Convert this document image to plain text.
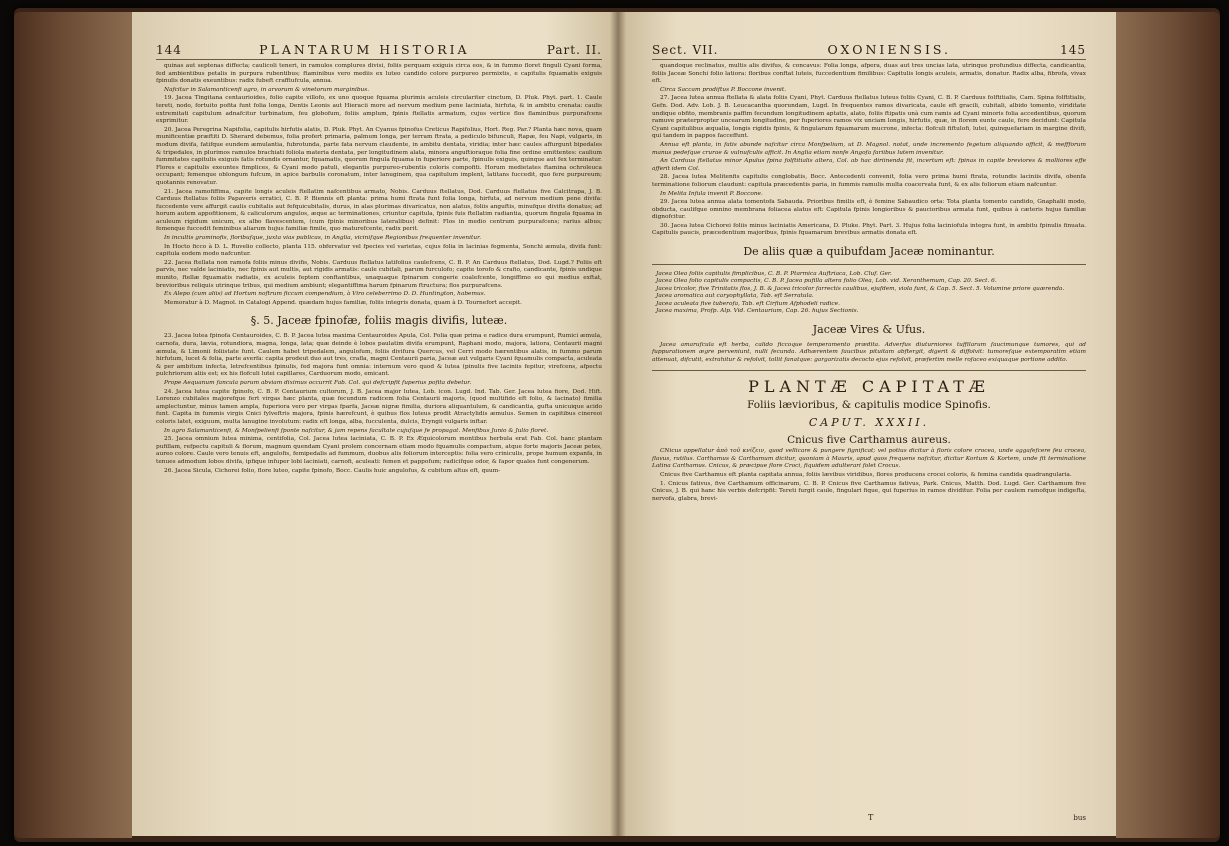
144	PLANTARUM HISTORIA	Part. II.

quinas aut septenas diffecta; caulicoli teneri, in ramulos complures divisi, foliis perquam exiguis circa eos, & in fummo floret finguli Cyani forma, fed ambientibus petalis in purpura rubentibus; ftaminibus vero mediis ex luteo candido colore purpureo permixtis, e capitulis fquamatis exiguis fpinulis donatis exeuntibus: radix fubeft craffiufcula, annua.

Nafcitur in Salamanticenfi agro, in arvorum & vinetorum marginibus.

19. Jacea Tingitana centaurioides, folio capite villofo, ex uno quoque fquama plurimis aculeis circulariter cinctum, D. Pluk. Phyt. part. 1. Caule tereti, nodo, fortuito pofita funt folia longa, Dentis Leonis aut Hieracii more ad nervum medium pene laciniata, hirfuta, & in ambitu crenata: caulis extremitati capitulum adnafcitur turbinatum, feu globofum, foliis amplum, fpinis ftellatis armatum, cujus vertice flos flaminibus purpurafcens exprimitur.

20. Jacea Peregrina Napifolia, capitulis hirfutis alatis, D. Pluk. Phyt. An Cyanus fpinofus Creticus Rapifolius, Hort. Reg. Par.? Planta hæc nova, quam munificentiæ præftiti D. Sherard debemus, folia profert primaria, palmum longa, per terram ftrata, a pediculo bifunculi, Rapæ, feu Napi, vulgaris, in modum divifa, fatifque eundem æmulantia, fubrotunda, parte fata nervum claudente, in ambitu dentata, viridia; inter hæc caules affurgunt bipedales & tripedales, in plurimos ramulos brachiati foliola materia dentata, per longitudinem alata, minora anguftioraque folia fine ordine emittentes: caulium fummitates capitulis exiguis fatis rotundis ornantur, fquamatis, quorum fingula fquama in fuperiore parte, fpinulis exiguis, quinque aut fex terminatur. Flores e capitulis exeuntes fimplices, & Cyani modo patuli, elegantis purpureo-rubentis coloris compofiti. Horum medietates ftamina ochroleuca occupant; femenque oblongum fufcum, in apice barbulis coronatum, inter lanuginem, qua capitulum implent, latitans fuccedit, quo fere purpureum; quotannis renovatur.

21. Jacea ramofiffima, capite longis aculeis ftellatim nafcentibus armato, Nobis. Carduus ftellatus, Dod. Carduus ftellatus five Calcitrapa, J. B. Carduus ftellatus foliis Papaveris erratici, C. B. P. Biennis eft planta: prima humi ftrata funt folia longa, hirfuta, ad nervum medium pene divifa: fuccedente vere affurgit caulis cubitalis aut fefquicubitalis, durus, in alas plurimas divaricatus, non alatus, foliis anguftis, minufque divifis donatus; ad horum autem appofitionem, & caliculorum angulos, æque ac terminationes, criuntur capitula, fpinis fuis ftellatim radiantia, quorum fingula fquama in aculeum rigidum unicum, ex albo flavescentem, (cum fpinis minoribus lateralibus) definit: Flos in medio centrum purpurafcens; rarius albus; femenque fuccedit feminibus aliarum hujus familiæ fimile, quo maturefcente, radix perit.

In incultis graminofis, floribufque, juxta vias publicas, in Anglia, vicinifque Regionibus frequenter invenitur.

In Hocto ficco à D. L. Ruvelio collecto, planta 115. obfervatur vel fpecies vel varietas, cujus folia in lacinias fegmenta, Sonchi æmula, divifa funt: capitula eodem modo nafcuntur.

22. Jacea ftellata non ramofa foliis minus divifis, Nobis. Carduus ftellatus latifolius caulefcens, C. B. P. An Carduus ftellatus, Dod. Lugd.? Foliis eft parvis, nec valde laciniatis, nec fpinis aut multis, aut rigidis armatis: caule cubitali, parum furculofo; capite torofo & crafio, candicante, fpinis undique munito, ftellæ fquamatis radiatis, ex aculeis feptem conftantibus, unaquaque fpinarum congerie coalefcente, longiffimo eo qui medius exftat, brevioribus reliquis utrinque tribus, qui medium ambiunt; elegantiffima harum fpinarum ftructura; flos purpurafcens.

Ex Alepo (cum aliis) ad Hortum noftrum ficcum compendium, à Viro celeberrimo D. D. Huntington, habemus.

Memoratur à D. Magnol. in Catalogi Append. quædam hujus familiæ, foliis integris donata, quam à D. Tournefort accepit.

§. 5. Jaceæ fpinofæ, foliis magis divifis, luteæ.

23. Jacea lutea fpinofa Centauroides, C. B. P. Jacea lutea maxima Centauroides Apula, Col. Folia quæ prima e radice dura erumpunt, Rumici æmula, carnofa, dura, lævia, rotundiora, magna, longa, lata; quæ deinde è lobos paulatim divifa erumpunt, Raphani modo, majora, latiora, Centaurii magni æmula, & Limonii foliistate funt. Caulem habet tripedalem, angulofum, foliis divifura Quercus, vel Cerri modo hærentibus alatis, in fummo parum hirfutum, lucet & folia, parte averfa: capita prodeut duo aut tres, crafla, magni Centaurii paria, Jaceæ aut vulgaris Cyani fquamulis compacta, aculeata & per ambitum infecta, letrefcentibus fpinulis, fed majora funt omnia: internum vero quod & lutea (pinulis five laciniis fepitur, virefcens, afpectu pulchriorum aliis est; ex his flofculi lutei capillares, Carduorum modo, emicant.

Prope Aequanum fancula parum abviam diximus occurrit Fab. Col. qui defcripfit fuperius pofita debetur.

24. Jacea lutea capite fpinofo, C. B. P. Centaurium cultorum, J. B. Jacea major lutea, Lob. icon. Lugd. Ind. Tab. Ger. Jacea lutea fiore, Dod. Hift. Lorenzo cubitales majorefque fert virgas hæc planta, quæ fecundum radicem folia Centaurii majoris, (quod multifido eft folio, & lacinato) fimilia amplectuntur, minus tamen ampla, fuperiora vero per virgas fparfa, Jaceæ nigræ fimilia, duriora aliquantulum, & candicantia, gufta unicuique acido funt. Capita in fummis virgis Cnici fylveftris majora, fpinis hærefcunt, è quibus flos luteus prodit Atractylidis æmulus. Semen in capitibus cinereoi coloris latet, exiguum, multa lanugine involutum: radix eft longa, alba, fucculenta, dulcis, Eryngii vulgaris inftar.

In agro Salamanticenfi, & Monfpelienfi fponte nafcitur, & jam repens facultate cujufque fe propagat. Menfibus Junio & Julio floret.

25. Jacea omnium lutea minima, centifolia, Col. Jacea lutea laciniata, C. B. P. Ex Æquicolorum montibus herbula erat Fab. Col. hanc plantam pufillam, refpectu capituli & florum, magnum quendam Cyani prolem concernam etiam modo fquamulis compactum, atque forte majoris Jaceæ petes, aureo colore. Caule vero tenuis eft, angulofis, femipedalis ad fummum, duobus alis foliorum interceptis: folia vero criniculis, prope humum expanfa, in tenues admodum lobos divifa, ipfique infuper lobi laciniati, carnofi, aculeati: femen et pappofum; radicifque odor, & fapor quales funt congenerum.

26. Jacea Sicula, Cichorei folio, flore luteo, capite fpinofo, Bocc. Caulis huic angulofus, & cubitum altus eft, quum-

Sect. VII.	OXONIENSIS.	145

quandoque reclinatus, multis alis divifus, & concavus: Folia longa, afpera, duas aut tres uncias lata, utrinque profundius diffecta, candicantia, foliis Jaceæ Sonchi folio latiora: floribus conftat luteis, fuccedentium fimilibus: Capitulis longis aculeis, armatis, donatur. Radix alba, fibrofa, vivax eft.

Circa Saccam prodiftus P. Boccone invenit.

27. Jacea lutea annua ftellata & alata foliis Cyani, Phyt. Carduus ftellatus luteus foliis Cyani, C. B. P. Carduus folftitialis, Cam. Spina folftitialis, Gefn. Dod. Adv. Lob. J. B. Leucacantha quorundam, Lugd. In frequentes ramos divaricata, caule eft gracili, cubitali, albido tomento, viriditate undique obfito, membranis paffim fecundum longitudinem aptatis, alato, foliis ftipatis unà cum ramis ad Cyani minoris folia accedentibus, quorum ramuve præterpropter uncearum longitudine, per fuperiores ramos vix unciam longis, hirfutis, quæ, in florem eunte caule, fere decidunt: Capitula Cyani capitulibus æqualia, longis rigidis fpinis, & fingularum fquamarum mucrone, infecta: flofculi fiftulofi, lutei, quinquefariam in margine divifi, qui tandem in pappos facceffunt.

Annua eft planta, in fatis abunde nafcitur circa Monfpelium, ut D. Magnol. notat, unde incremento fegetum aliquando officit, & meffforum manus pedefque crurae & vulnufculis afficit. In Anglia etiam nonfe Angofa fariibus lutem invenitur.

An Carduus ftellatus minor Apulus fpina folftitialis altera, Col. ab hac diriinenda fit, incertum eft: fpinas in capite breviores & molliores effe afferit idem Col.

28. Jacea lutea Melitenfis capitulis conglobatis, Bocc. Antecedenti convenit, folia vero prima humi ftrata, rotundis laciniis divifa, obenfa terminatione foliorum claudunt: capitula præcedentis paria, in fummis ramulis multa coacervata funt, & ex alis foliorum etiam nafcuntur.

In Melita Infula invenit P. Boccone.

29. Jacea lutea annua alata tomentofa Sabauda. Prioribus fimilis eft, è femine Sabaudico orta: Tota planta tomento candido, Gnaphalii modo, obducta, caulifque omnino membrana foliacea alatus eft: Capitula fpinis longioribus & paucioribus armata funt, quibus à cæteris hujus familiæ dignofcitur.

30. Jacea lutea Cichorei foliis minus laciniatis Americana, D. Pluke. Phyt. Part. 3. Hujus folia laciniofula integra funt, in ambitu fpinulis finuata. Capitulis paucis, præcedentium majoribus, fpinis fquamarum brevibus armatis donata eft.

De aliis quæ a quibufdam Jaceæ nominantur.
Jacea Olea foliis capitulis fimplicibus, C. B. P. Ptarmica Auftriaca, Lob. Cluf. Ger.
Jacea Olea folio capitulis compactis, C. B. P. Jacea pufilla altera folio Olea, Lob. vid. Xeranthemum, Cap. 20. Sect. 6.
Jacea tricolor, five Trinitatis flos, J. B. & Jacea tricolor farrectis caulibus, ejufdem, viola funt, & Cap. 5. Sect. 5. Volumine priore quærenda.
Jacea aromatica aut caryophyllata, Tab. eft Serratula.
Jacea aculeata five tuberofa, Tab. eft Cirfium Afphodeli radice.
Jacea maxima, Profp. Alp. Vid. Centaurium, Cap. 26. hujus Sectionis.
Jaceæ Vires & Ufus.

Jacea amarufcula eft herba, calido ficcoque temperamento prædita. Adverfus diuturniores tuffilarum faucimunque tumores, qui ad fuppurationem ægre perveniunt, nulli fecunda. Adhærentem faucibus pituitam abftergit, digerit & diffolvit: tumorefque extemporatim etiam attenuat, difcutit, extrahitur & refolvit, tollit fanatque: gargarizatis decocto ejus refolvit, præfertim melle rofaceo exiquaque portione addito.

PLANTÆ CAPITATÆ
Foliis lævioribus, & capitulis modice Spinofis.
CAPUT. XXXII.
Cnicus five Carthamus aureus.

CNicus appellatur ἀπὸ τοῦ κνίζειν, quod vellicare & pungere fignificat; vel potius dicitur à floris colore crocea, unde aggafefcere feu crocea, flavus, rutilus. Carthamus & Carthamum dicitur, quoniam à Mauris, apud quos frequens nafcitur, dicitur Kortum & Kortem, unde fit terminatione Latina Carthamus. Cnicus, & præcipue flore Croci, fiquidem adulterari folet Crocus.

Cnicus five Carthamus eft planta capitata annua, foliis lævibus viridibus, flores producens crocei coloris, & femina candida quadrangularia.

1. Cnicus fativus, five Carthamum officinarum, C. B. P. Cnicus five Carthamus fativus, Park. Cnicus, Matth. Dod. Lugd. Ger. Carthamum five Cnicus, J. B. qui hanc his verbis defcripfit: Tereti furgit caule, fingulari fique, qui fuperius in ramos dividitur. Folia per caulem ramofque indigefta, nervofa, glabra, brevi-

T	bus
